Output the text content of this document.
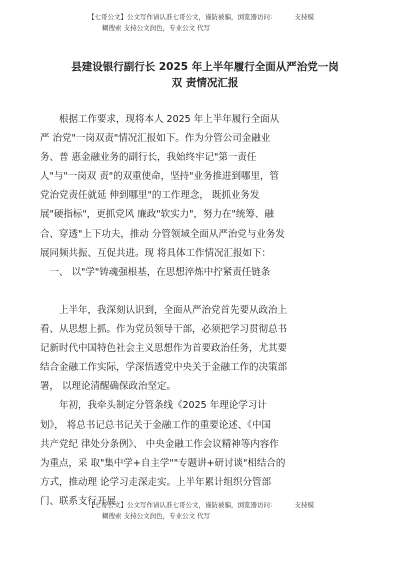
【七哥公文】公文写作请认准七哥公文，谨防被骗，浏览器访问：	支持模
糊搜索 支持公文润色，专业公文 代写
县建设银行副行长 2025 年上半年履行全面从严治党一岗
双 责情况汇报
　　根据工作要求，现将本人 2025 年上半年履行全面从
严 治党"一岗双责"情况汇报如下。作为分管公司金融业
务、普 惠金融业务的副行长，我始终牢记"第一责任
人"与"一岗双 责"的双重使命，坚持"业务推进到哪里，管
党治党责任就延 伸到哪里"的工作理念， 既抓业务发
展"硬指标"，更抓党风 廉政"软实力"，努力在"统筹、融
合、穿透"上下功夫，推动 分管领域全面从严治党与业务发
展同频共振、互促共进。现 将具体工作情况汇报如下：
　一、 以"学"铸魂强根基，在思想淬炼中拧紧责任链条
　　上半年，我深刻认识到，全面从严治党首先要从政治上
看、从思想上抓。作为党员领导干部，必须把学习贯彻总书
记新时代中国特色社会主义思想作为首要政治任务，尤其要
结合金融工作实际，学深悟透党中央关于金融工作的决策部
署， 以理论清醒确保政治坚定。
　　年初，我牵头制定分管条线《2025 年理论学习计
划》， 将总书记总书记关于金融工作的重要论述、《中国
共产党纪 律处分条例》、 中央金融工作会议精神等内容作
为重点，采 取"集中学+自主学""专题讲+研讨谈"相结合的
方式，推动理 论学习走深走实。上半年累计组织分管部
门、联系支行开展
【七哥公文】公文写作请认准七哥公文，谨防被骗，浏览器访问：	支持模
糊搜索 支持公文润色，专业公文 代写
